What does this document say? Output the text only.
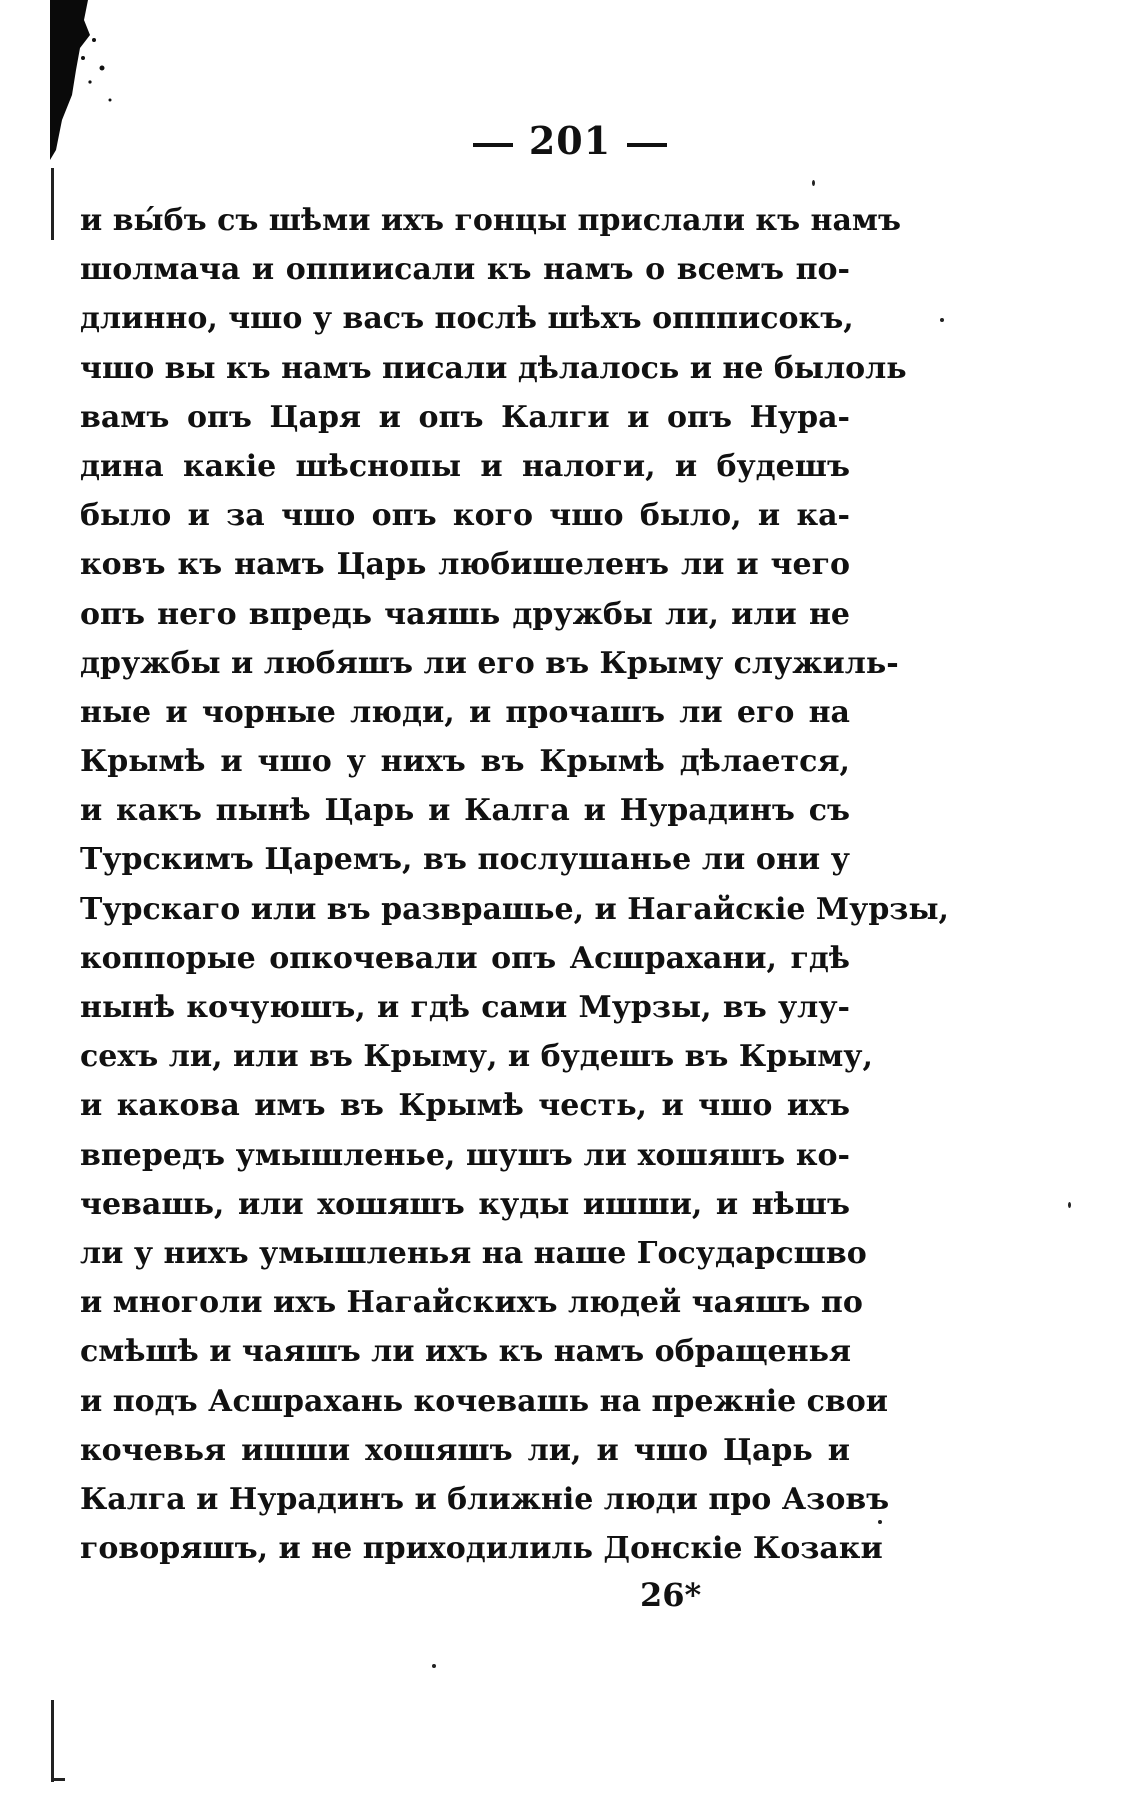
201
и вы́бъ съ шѣми ихъ гонцы прислали къ намъ
шолмача и оппиисали къ намъ о всемъ по-
длинно, чшо у васъ послѣ шѣхъ оппписокъ,
чшо вы къ намъ писали дѣлалось и не былоль
вамъ опъ Царя и опъ Калги и опъ Нура-
дина какіе шѣснопы и налоги, и будешъ
было и за чшо опъ кого чшо было, и ка-
ковъ къ намъ Царь любишеленъ ли и чего
опъ него впредь чаяшь дружбы ли, или не
дружбы и любяшъ ли его въ Крыму служиль-
ные и чорные люди, и прочашъ ли его на
Крымѣ и чшо у нихъ въ Крымѣ дѣлается,
и какъ пынѣ Царь и Калга и Нурадинъ съ
Турскимъ Царемъ, въ послушанье ли они у
Турскаго или въ разврашье, и Нагайскіе Мурзы,
коппорые опкочевали опъ Асшрахани, гдѣ
нынѣ кочуюшъ, и гдѣ сами Мурзы, въ улу-
сехъ ли, или въ Крыму, и будешъ въ Крыму,
и какова имъ въ Крымѣ честь, и чшо ихъ
впередъ умышленье, шушъ ли хошяшъ ко-
чевашь, или хошяшъ куды ишши, и нѣшъ
ли у нихъ умышленья на наше Государсшво
и многоли ихъ Нагайскихъ людей чаяшъ по
смѣшѣ и чаяшъ ли ихъ къ намъ обращенья
и подъ Асшрахань кочевашь на прежніе свои
кочевья ишши хошяшъ ли, и чшо Царь и
Калга и Нурадинъ и ближніе люди про Азовъ
говоряшъ, и не приходилиль Донскіе Козаки
26*
